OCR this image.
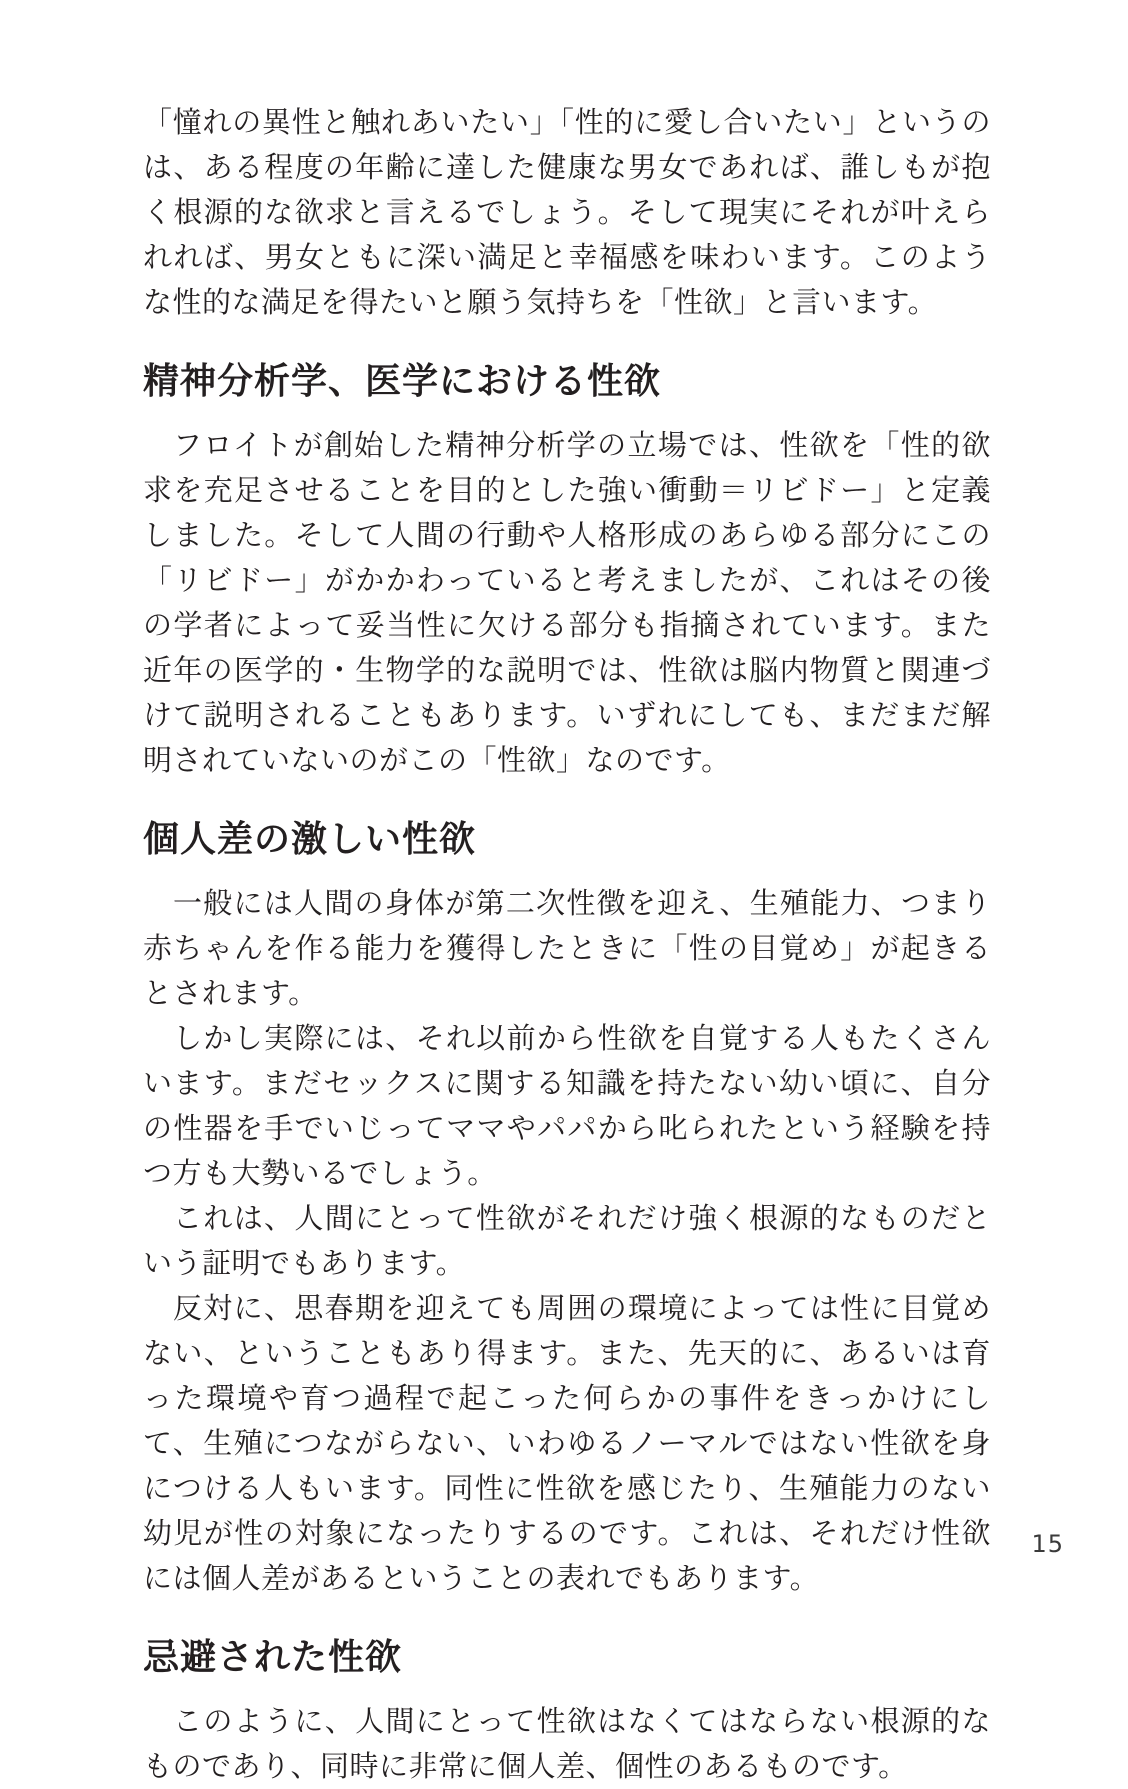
「憧れの異性と触れあいたい」「性的に愛し合いたい」というのは、ある程度の年齢に達した健康な男女であれば、誰しもが抱く根源的な欲求と言えるでしょう。そして現実にそれが叶えられれば、男女ともに深い満足と幸福感を味わいます。このような性的な満足を得たいと願う気持ちを「性欲」と言います。

精神分析学、医学における性欲

フロイトが創始した精神分析学の立場では、性欲を「性的欲求を充足させることを目的とした強い衝動＝リビドー」と定義しました。そして人間の行動や人格形成のあらゆる部分にこの「リビドー」がかかわっていると考えましたが、これはその後の学者によって妥当性に欠ける部分も指摘されています。また近年の医学的・生物学的な説明では、性欲は脳内物質と関連づけて説明されることもあります。いずれにしても、まだまだ解明されていないのがこの「性欲」なのです。

個人差の激しい性欲

一般には人間の身体が第二次性徴を迎え、生殖能力、つまり赤ちゃんを作る能力を獲得したときに「性の目覚め」が起きるとされます。

しかし実際には、それ以前から性欲を自覚する人もたくさんいます。まだセックスに関する知識を持たない幼い頃に、自分の性器を手でいじってママやパパから叱られたという経験を持つ方も大勢いるでしょう。

これは、人間にとって性欲がそれだけ強く根源的なものだという証明でもあります。

反対に、思春期を迎えても周囲の環境によっては性に目覚めない、ということもあり得ます。また、先天的に、あるいは育った環境や育つ過程で起こった何らかの事件をきっかけにして、生殖につながらない、いわゆるノーマルではない性欲を身につける人もいます。同性に性欲を感じたり、生殖能力のない幼児が性の対象になったりするのです。これは、それだけ性欲には個人差があるということの表れでもあります。

忌避された性欲

このように、人間にとって性欲はなくてはならない根源的なものであり、同時に非常に個人差、個性のあるものです。

15
